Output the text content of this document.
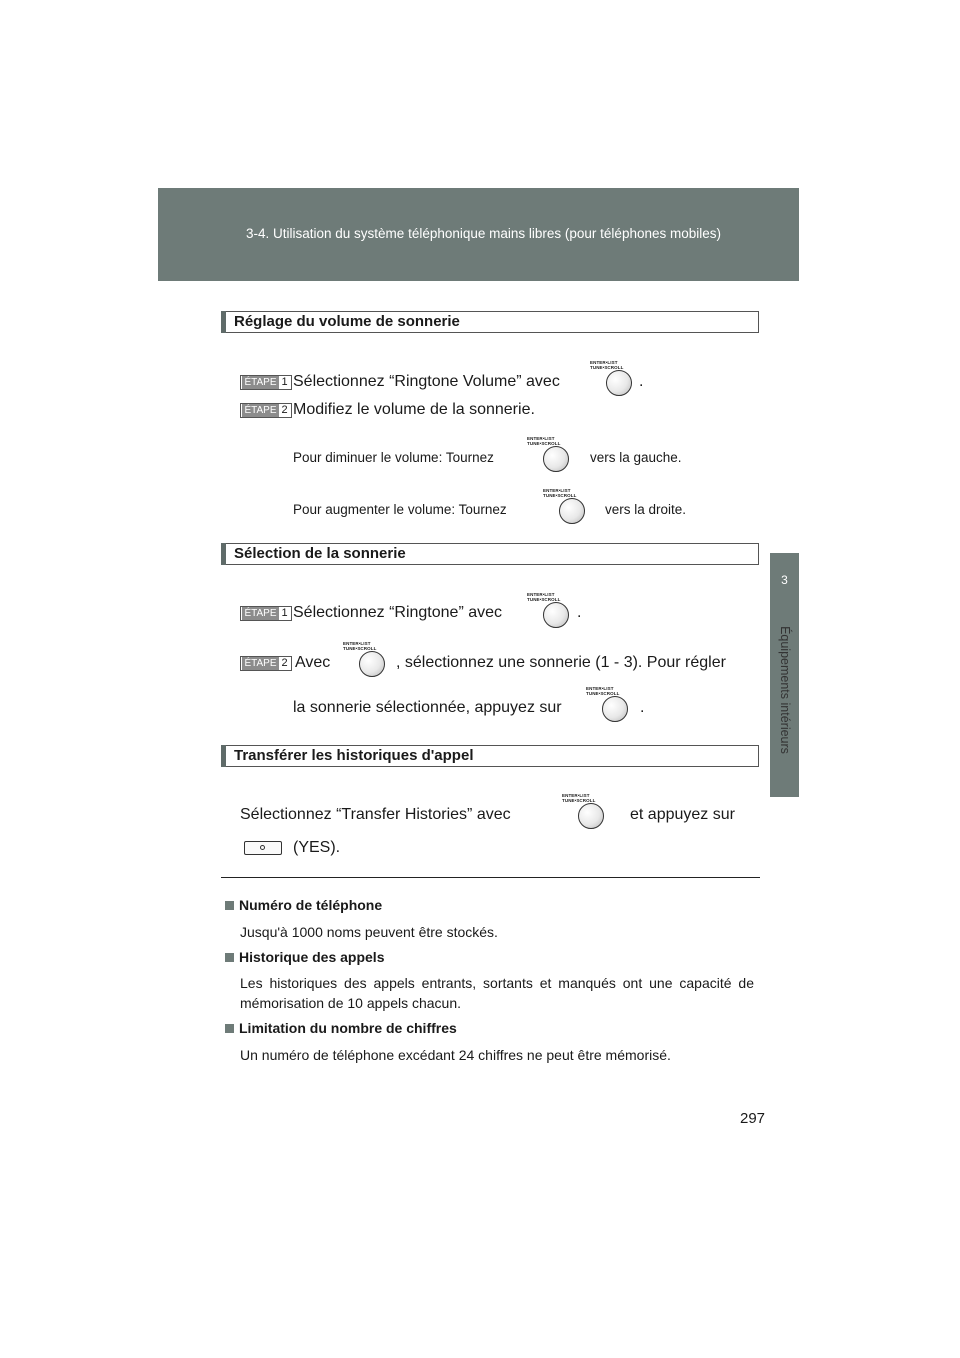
3-4. Utilisation du système téléphonique mains libres (pour téléphones mobiles)
3
Équipements intérieurs
Réglage du volume de sonnerie
ÉTAPE 1 Sélectionnez “Ringtone Volume” avec
ENTER•LIST
TUNE•SCROLL
.
ÉTAPE 2 Modifiez le volume de la sonnerie.
Pour diminuer le volume: Tournez
ENTER•LIST
TUNE•SCROLL
vers la gauche.
Pour augmenter le volume: Tournez
ENTER•LIST
TUNE•SCROLL
vers la droite.
Sélection de la sonnerie
ÉTAPE 1 Sélectionnez “Ringtone” avec
ENTER•LIST
TUNE•SCROLL
.
ÉTAPE 2 Avec
ENTER•LIST
TUNE•SCROLL
, sélectionnez une sonnerie (1 - 3). Pour régler
la sonnerie sélectionnée, appuyez sur
ENTER•LIST
TUNE•SCROLL
.
Transférer les historiques d'appel
Sélectionnez “Transfer Histories” avec
ENTER•LIST
TUNE•SCROLL
et appuyez sur
(YES).
Numéro de téléphone
Jusqu'à 1000 noms peuvent être stockés.
Historique des appels
Les historiques des appels entrants, sortants et manqués ont une capacité de mémorisation de 10 appels chacun.
Limitation du nombre de chiffres
Un numéro de téléphone excédant 24 chiffres ne peut être mémorisé.
297
